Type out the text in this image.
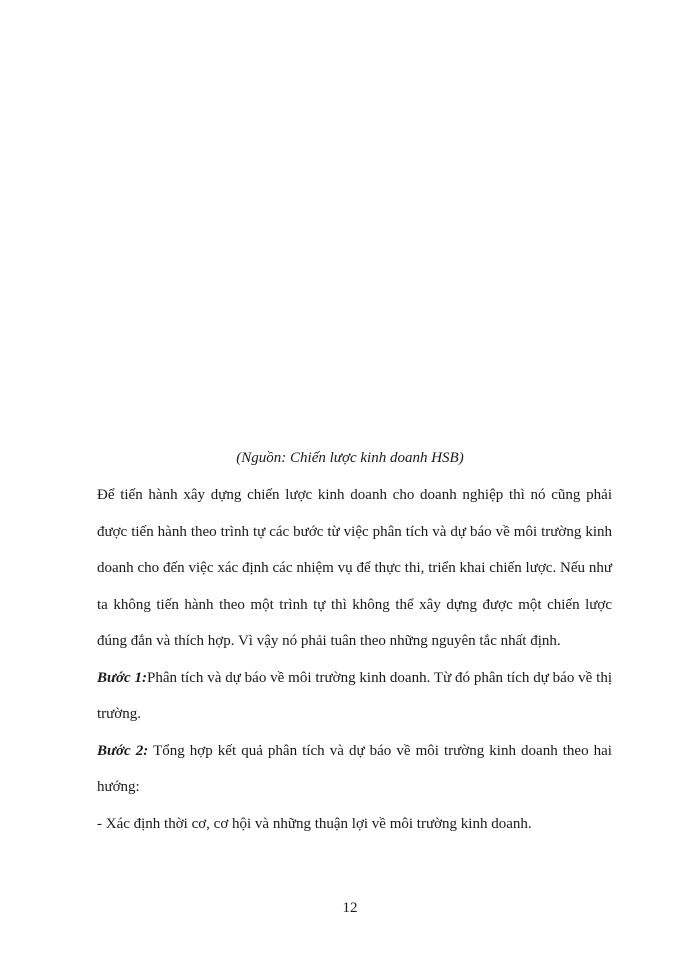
(Nguồn: Chiến lược kinh doanh HSB)
Để tiến hành xây dựng chiến lược kinh doanh cho doanh nghiệp thì nó cũng phải
được tiến hành theo trình tự các bước từ việc phân tích và dự báo về môi trường kinh
doanh cho đến việc xác định các nhiệm vụ để thực thi, triển khai chiến lược. Nếu như
ta không tiến hành theo một trình tự thì không thể xây dựng được một chiến lược
đúng đắn và thích hợp. Vì vậy nó phải tuân theo những nguyên tắc nhất định.
Bước 1:Phân tích và dự báo về môi trường kinh doanh. Từ đó phân tích dự báo về thị
trường.
Bước 2: Tổng hợp kết quả phân tích và dự báo về môi trường kinh doanh theo hai
hướng:
- Xác định thời cơ, cơ hội và những thuận lợi về môi trường kinh doanh.
12
